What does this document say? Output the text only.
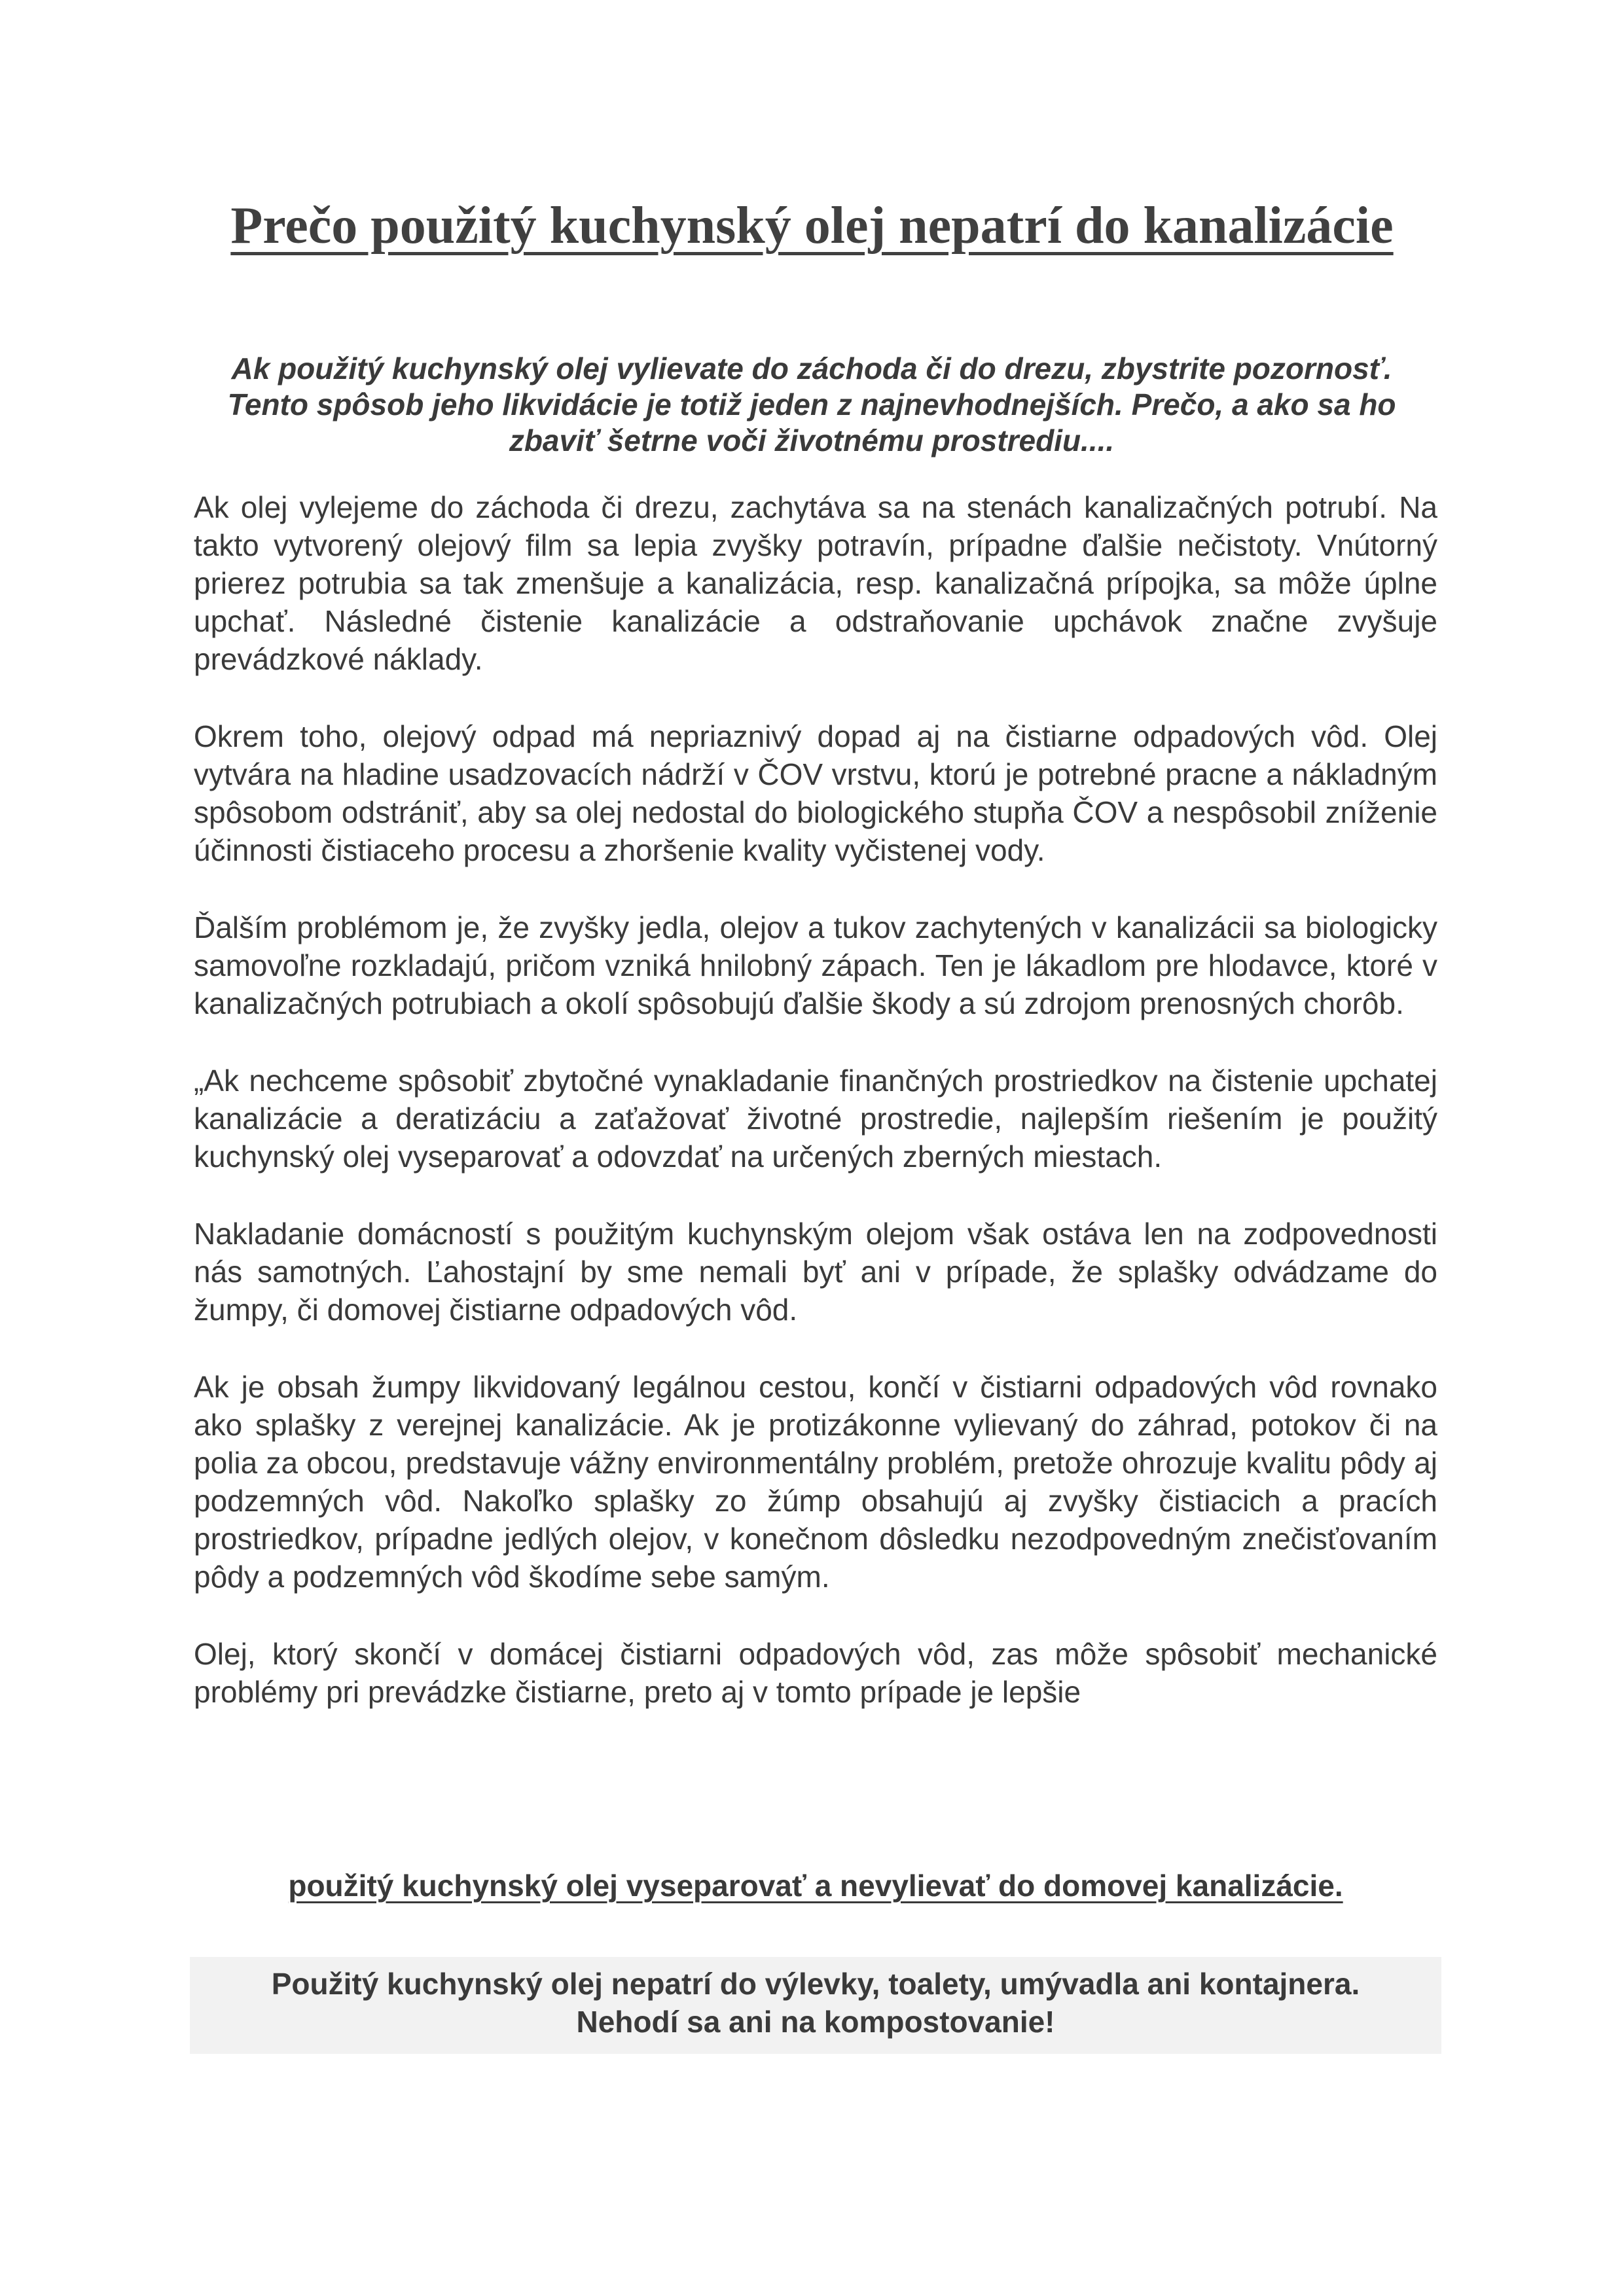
Prečo použitý kuchynský olej nepatrí do kanalizácie

Ak použitý kuchynský olej vylievate do záchoda či do drezu, zbystrite pozornosť. Tento spôsob jeho likvidácie je totiž jeden z najnevhodnejších. Prečo, a ako sa ho zbaviť šetrne voči životnému prostrediu....

Ak olej vylejeme do záchoda či drezu, zachytáva sa na stenách kanalizačných potrubí. Na takto vytvorený olejový film sa lepia zvyšky potravín, prípadne ďalšie nečistoty. Vnútorný prierez potrubia sa tak zmenšuje a kanalizácia, resp. kanalizačná prípojka, sa môže úplne upchať. Následné čistenie kanalizácie a odstraňovanie upchávok značne zvyšuje prevádzkové náklady.

Okrem toho, olejový odpad má nepriaznivý dopad aj na čistiarne odpadových vôd. Olej vytvára na hladine usadzovacích nádrží v ČOV vrstvu, ktorú je potrebné pracne a nákladným spôsobom odstrániť, aby sa olej nedostal do biologického stupňa ČOV a nespôsobil zníženie účinnosti čistiaceho procesu a zhoršenie kvality vyčistenej vody.

Ďalším problémom je, že zvyšky jedla, olejov a tukov zachytených v kanalizácii sa biologicky samovoľne rozkladajú, pričom vzniká hnilobný zápach. Ten je lákadlom pre hlodavce, ktoré v kanalizačných potrubiach a okolí spôsobujú ďalšie škody a sú zdrojom prenosných chorôb.

„Ak nechceme spôsobiť zbytočné vynakladanie finančných prostriedkov na čistenie upchatej kanalizácie a deratizáciu a zaťažovať životné prostredie, najlepším riešením je použitý kuchynský olej vyseparovať a odovzdať na určených zberných miestach.

Nakladanie domácností s použitým kuchynským olejom však ostáva len na zodpovednosti nás samotných. Ľahostajní by sme nemali byť ani v prípade, že splašky odvádzame do žumpy, či domovej čistiarne odpadových vôd.

Ak je obsah žumpy likvidovaný legálnou cestou, končí v čistiarni odpadových vôd rovnako ako splašky z verejnej kanalizácie. Ak je protizákonne vylievaný do záhrad, potokov či na polia za obcou, predstavuje vážny environmentálny problém, pretože ohrozuje kvalitu pôdy aj podzemných vôd. Nakoľko splašky zo žúmp obsahujú aj zvyšky čistiacich a pracích prostriedkov, prípadne jedlých olejov, v konečnom dôsledku nezodpovedným znečisťovaním pôdy a podzemných vôd škodíme sebe samým.

Olej, ktorý skončí v domácej čistiarni odpadových vôd, zas môže spôsobiť mechanické problémy pri prevádzke čistiarne, preto aj v tomto prípade je lepšie

použitý kuchynský olej vyseparovať a nevylievať do domovej kanalizácie.

Použitý kuchynský olej nepatrí do výlevky, toalety, umývadla ani kontajnera.
Nehodí sa ani na kompostovanie!
